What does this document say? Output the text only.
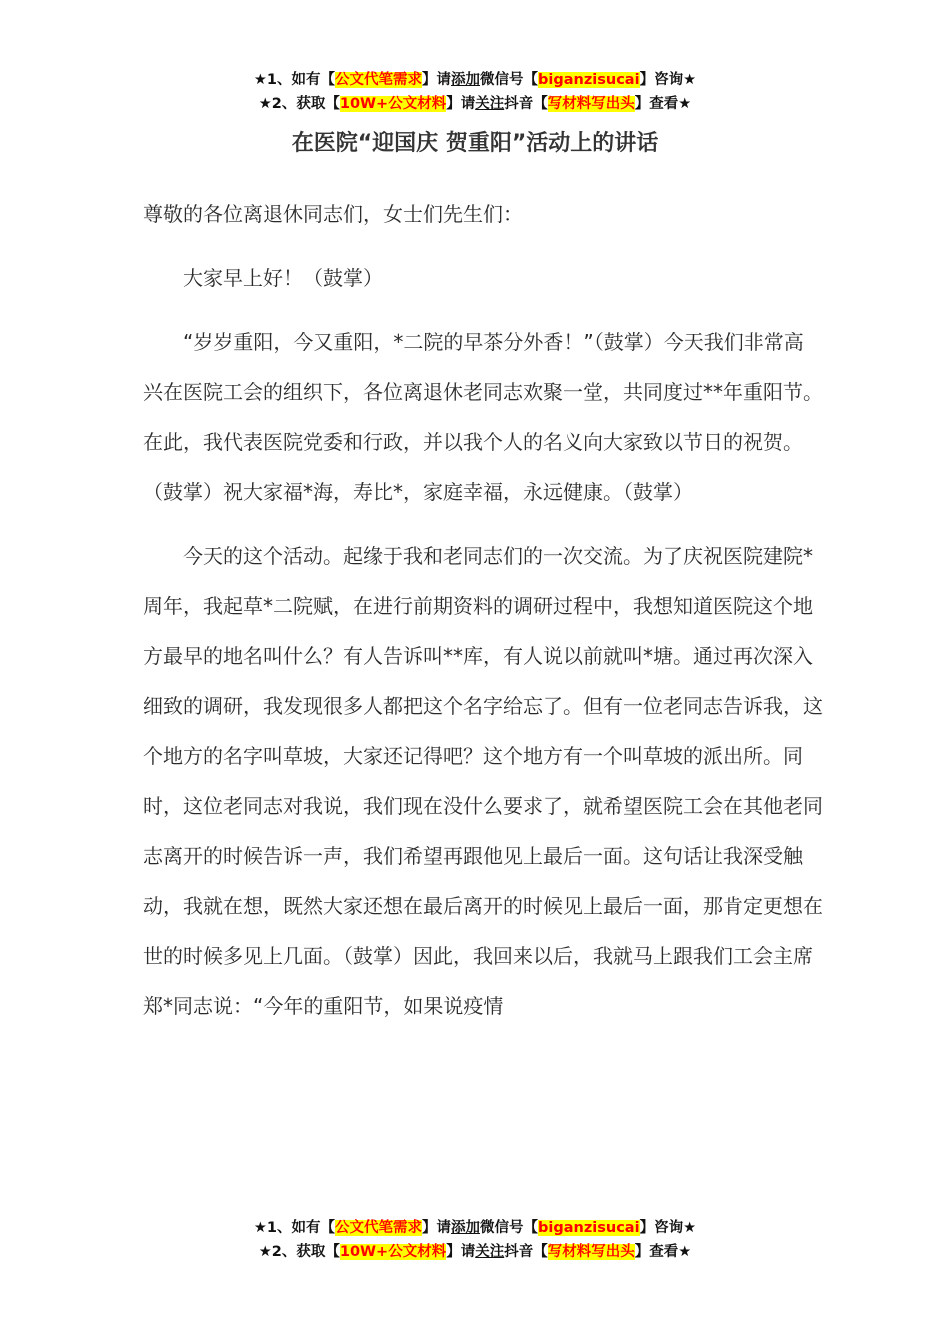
★1、如有【公文代笔需求】请添加微信号【biganzisucai】咨询★
★2、获取【10W+公文材料】请关注抖音【写材料写出头】查看★
在医院“迎国庆 贺重阳”活动上的讲话

尊敬的各位离退休同志们，女士们先生们：

大家早上好！（鼓掌）

“岁岁重阳，今又重阳，*二院的早茶分外香！”（鼓掌）今天我们非常高兴在医院工会的组织下，各位离退休老同志欢聚一堂，共同度过**年重阳节。在此，我代表医院党委和行政，并以我个人的名义向大家致以节日的祝贺。（鼓掌）祝大家福*海，寿比*，家庭幸福，永远健康。（鼓掌）

今天的这个活动。起缘于我和老同志们的一次交流。为了庆祝医院建院*周年，我起草*二院赋，在进行前期资料的调研过程中，我想知道医院这个地方最早的地名叫什么？有人告诉叫**库，有人说以前就叫*塘。通过再次深入细致的调研，我发现很多人都把这个名字给忘了。但有一位老同志告诉我，这个地方的名字叫草坡，大家还记得吧？这个地方有一个叫草坡的派出所。同时，这位老同志对我说，我们现在没什么要求了，就希望医院工会在其他老同志离开的时候告诉一声，我们希望再跟他见上最后一面。这句话让我深受触动，我就在想，既然大家还想在最后离开的时候见上最后一面，那肯定更想在世的时候多见上几面。（鼓掌）因此，我回来以后，我就马上跟我们工会主席郑*同志说：“今年的重阳节，如果说疫情

★1、如有【公文代笔需求】请添加微信号【biganzisucai】咨询★
★2、获取【10W+公文材料】请关注抖音【写材料写出头】查看★
